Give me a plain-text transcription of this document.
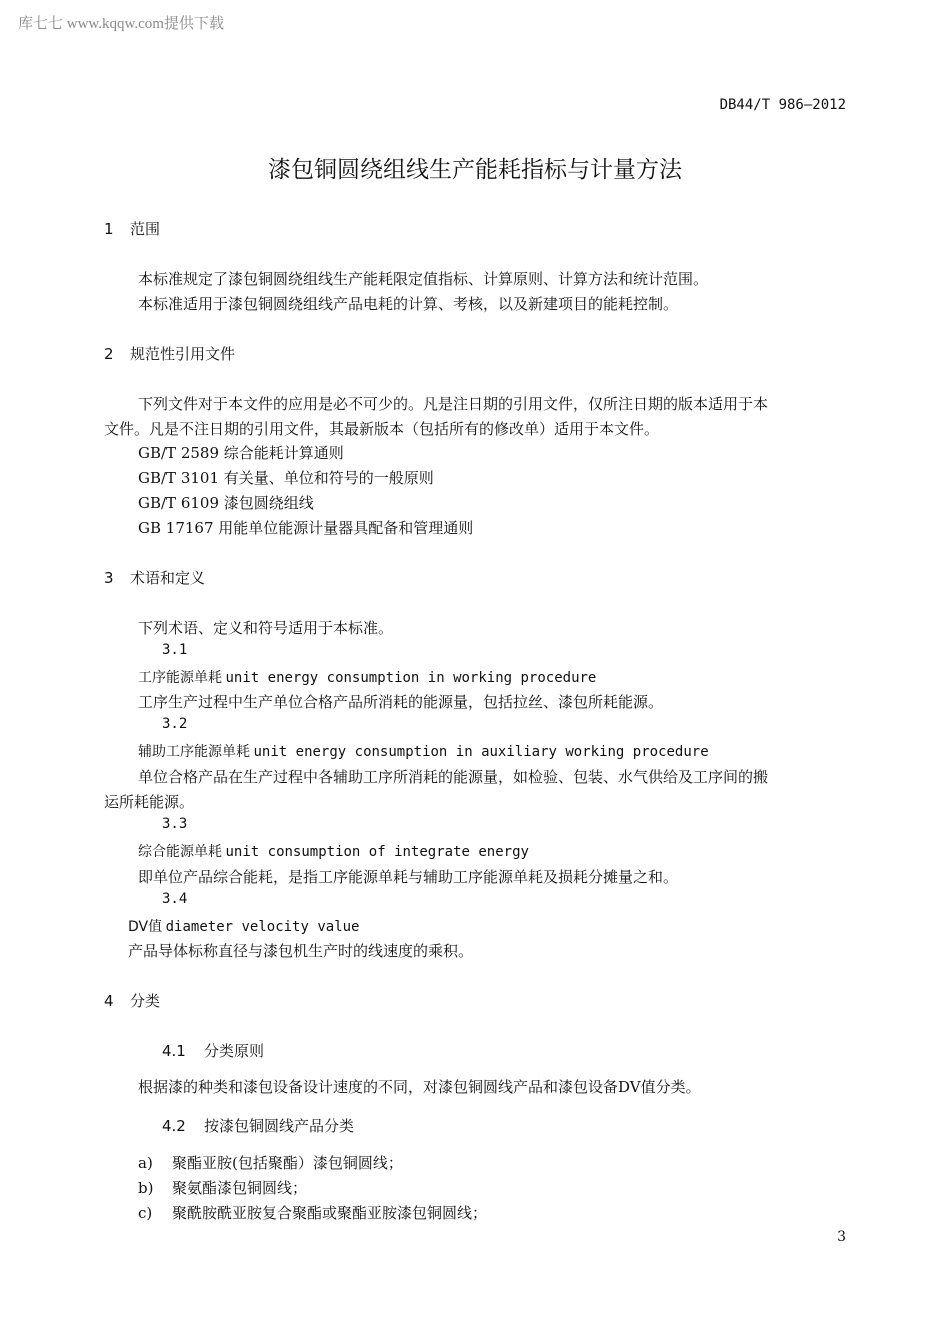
库七七 www.kqqw.com提供下载
DB44/T 986—2012
漆包铜圆绕组线生产能耗指标与计量方法
1 范围
本标准规定了漆包铜圆绕组线生产能耗限定值指标、计算原则、计算方法和统计范围。
本标准适用于漆包铜圆绕组线产品电耗的计算、考核，以及新建项目的能耗控制。
2 规范性引用文件
下列文件对于本文件的应用是必不可少的。凡是注日期的引用文件，仅所注日期的版本适用于本
文件。凡是不注日期的引用文件，其最新版本（包括所有的修改单）适用于本文件。
GB/T 2589 综合能耗计算通则
GB/T 3101 有关量、单位和符号的一般原则
GB/T 6109 漆包圆绕组线
GB 17167 用能单位能源计量器具配备和管理通则
3 术语和定义
下列术语、定义和符号适用于本标准。
3.1
工序能源单耗 unit energy consumption in working procedure
工序生产过程中生产单位合格产品所消耗的能源量，包括拉丝、漆包所耗能源。
3.2
辅助工序能源单耗 unit energy consumption in auxiliary working procedure
单位合格产品在生产过程中各辅助工序所消耗的能源量，如检验、包装、水气供给及工序间的搬
运所耗能源。
3.3
综合能源单耗 unit consumption of integrate energy
即单位产品综合能耗，是指工序能源单耗与辅助工序能源单耗及损耗分摊量之和。
3.4
DV值 diameter velocity value
产品导体标称直径与漆包机生产时的线速度的乘积。
4 分类
4.1 分类原则
根据漆的种类和漆包设备设计速度的不同，对漆包铜圆线产品和漆包设备DV值分类。
4.2 按漆包铜圆线产品分类
a) 聚酯亚胺(包括聚酯）漆包铜圆线；
b) 聚氨酯漆包铜圆线；
c) 聚酰胺酰亚胺复合聚酯或聚酯亚胺漆包铜圆线；
3
